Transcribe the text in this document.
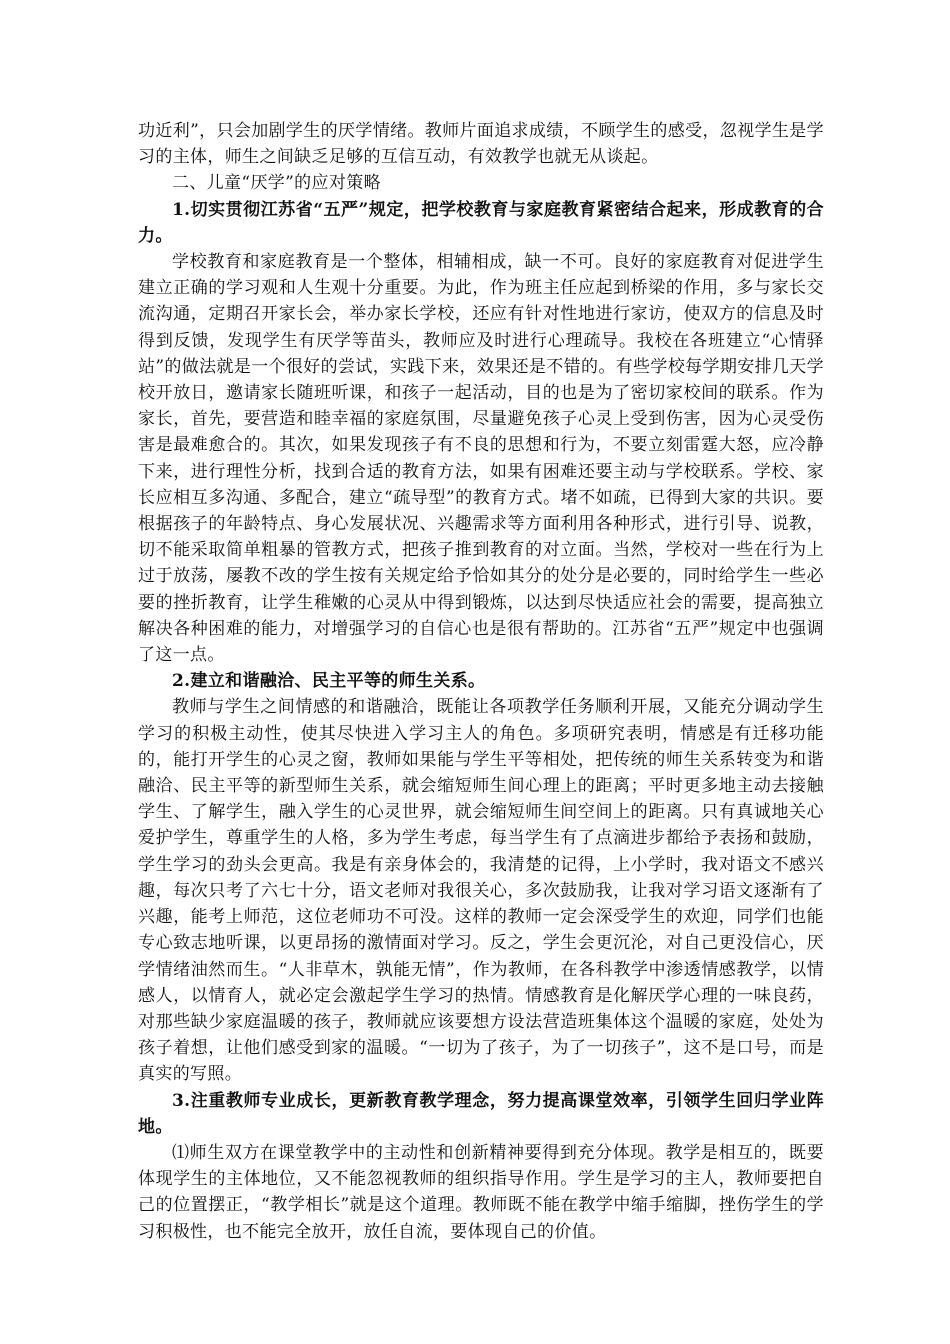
功近利”，只会加剧学生的厌学情绪。教师片面追求成绩，不顾学生的感受，忽视学生是学习的主体，师生之间缺乏足够的互信互动，有效教学也就无从谈起。

二、儿童“厌学”的应对策略

1.切实贯彻江苏省“五严”规定，把学校教育与家庭教育紧密结合起来，形成教育的合力。

学校教育和家庭教育是一个整体，相辅相成，缺一不可。良好的家庭教育对促进学生建立正确的学习观和人生观十分重要。为此，作为班主任应起到桥梁的作用，多与家长交流沟通，定期召开家长会，举办家长学校，还应有针对性地进行家访，使双方的信息及时得到反馈，发现学生有厌学等苗头，教师应及时进行心理疏导。我校在各班建立“心情驿站”的做法就是一个很好的尝试，实践下来，效果还是不错的。有些学校每学期安排几天学校开放日，邀请家长随班听课，和孩子一起活动，目的也是为了密切家校间的联系。作为家长，首先，要营造和睦幸福的家庭氛围，尽量避免孩子心灵上受到伤害，因为心灵受伤害是最难愈合的。其次，如果发现孩子有不良的思想和行为，不要立刻雷霆大怒，应冷静下来，进行理性分析，找到合适的教育方法，如果有困难还要主动与学校联系。学校、家长应相互多沟通、多配合，建立“疏导型”的教育方式。堵不如疏，已得到大家的共识。要根据孩子的年龄特点、身心发展状况、兴趣需求等方面利用各种形式，进行引导、说教，切不能采取简单粗暴的管教方式，把孩子推到教育的对立面。当然，学校对一些在行为上过于放荡，屡教不改的学生按有关规定给予恰如其分的处分是必要的，同时给学生一些必要的挫折教育，让学生稚嫩的心灵从中得到锻炼，以达到尽快适应社会的需要，提高独立解决各种困难的能力，对增强学习的自信心也是很有帮助的。江苏省“五严”规定中也强调了这一点。

2.建立和谐融洽、民主平等的师生关系。

教师与学生之间情感的和谐融洽，既能让各项教学任务顺利开展，又能充分调动学生学习的积极主动性，使其尽快进入学习主人的角色。多项研究表明，情感是有迁移功能的，能打开学生的心灵之窗，教师如果能与学生平等相处，把传统的师生关系转变为和谐融洽、民主平等的新型师生关系，就会缩短师生间心理上的距离；平时更多地主动去接触学生、了解学生，融入学生的心灵世界，就会缩短师生间空间上的距离。只有真诚地关心爱护学生，尊重学生的人格，多为学生考虑，每当学生有了点滴进步都给予表扬和鼓励，学生学习的劲头会更高。我是有亲身体会的，我清楚的记得，上小学时，我对语文不感兴趣，每次只考了六七十分，语文老师对我很关心，多次鼓励我，让我对学习语文逐渐有了兴趣，能考上师范，这位老师功不可没。这样的教师一定会深受学生的欢迎，同学们也能专心致志地听课，以更昂扬的激情面对学习。反之，学生会更沉沦，对自己更没信心，厌学情绪油然而生。“人非草木，孰能无情”，作为教师，在各科教学中渗透情感教学，以情感人，以情育人，就必定会激起学生学习的热情。情感教育是化解厌学心理的一味良药，对那些缺少家庭温暖的孩子，教师就应该要想方设法营造班集体这个温暖的家庭，处处为孩子着想，让他们感受到家的温暖。“一切为了孩子，为了一切孩子”，这不是口号，而是真实的写照。

3.注重教师专业成长，更新教育教学理念，努力提高课堂效率，引领学生回归学业阵地。

⑴师生双方在课堂教学中的主动性和创新精神要得到充分体现。教学是相互的，既要体现学生的主体地位，又不能忽视教师的组织指导作用。学生是学习的主人，教师要把自己的位置摆正，“教学相长”就是这个道理。教师既不能在教学中缩手缩脚，挫伤学生的学习积极性，也不能完全放开，放任自流，要体现自己的价值。
